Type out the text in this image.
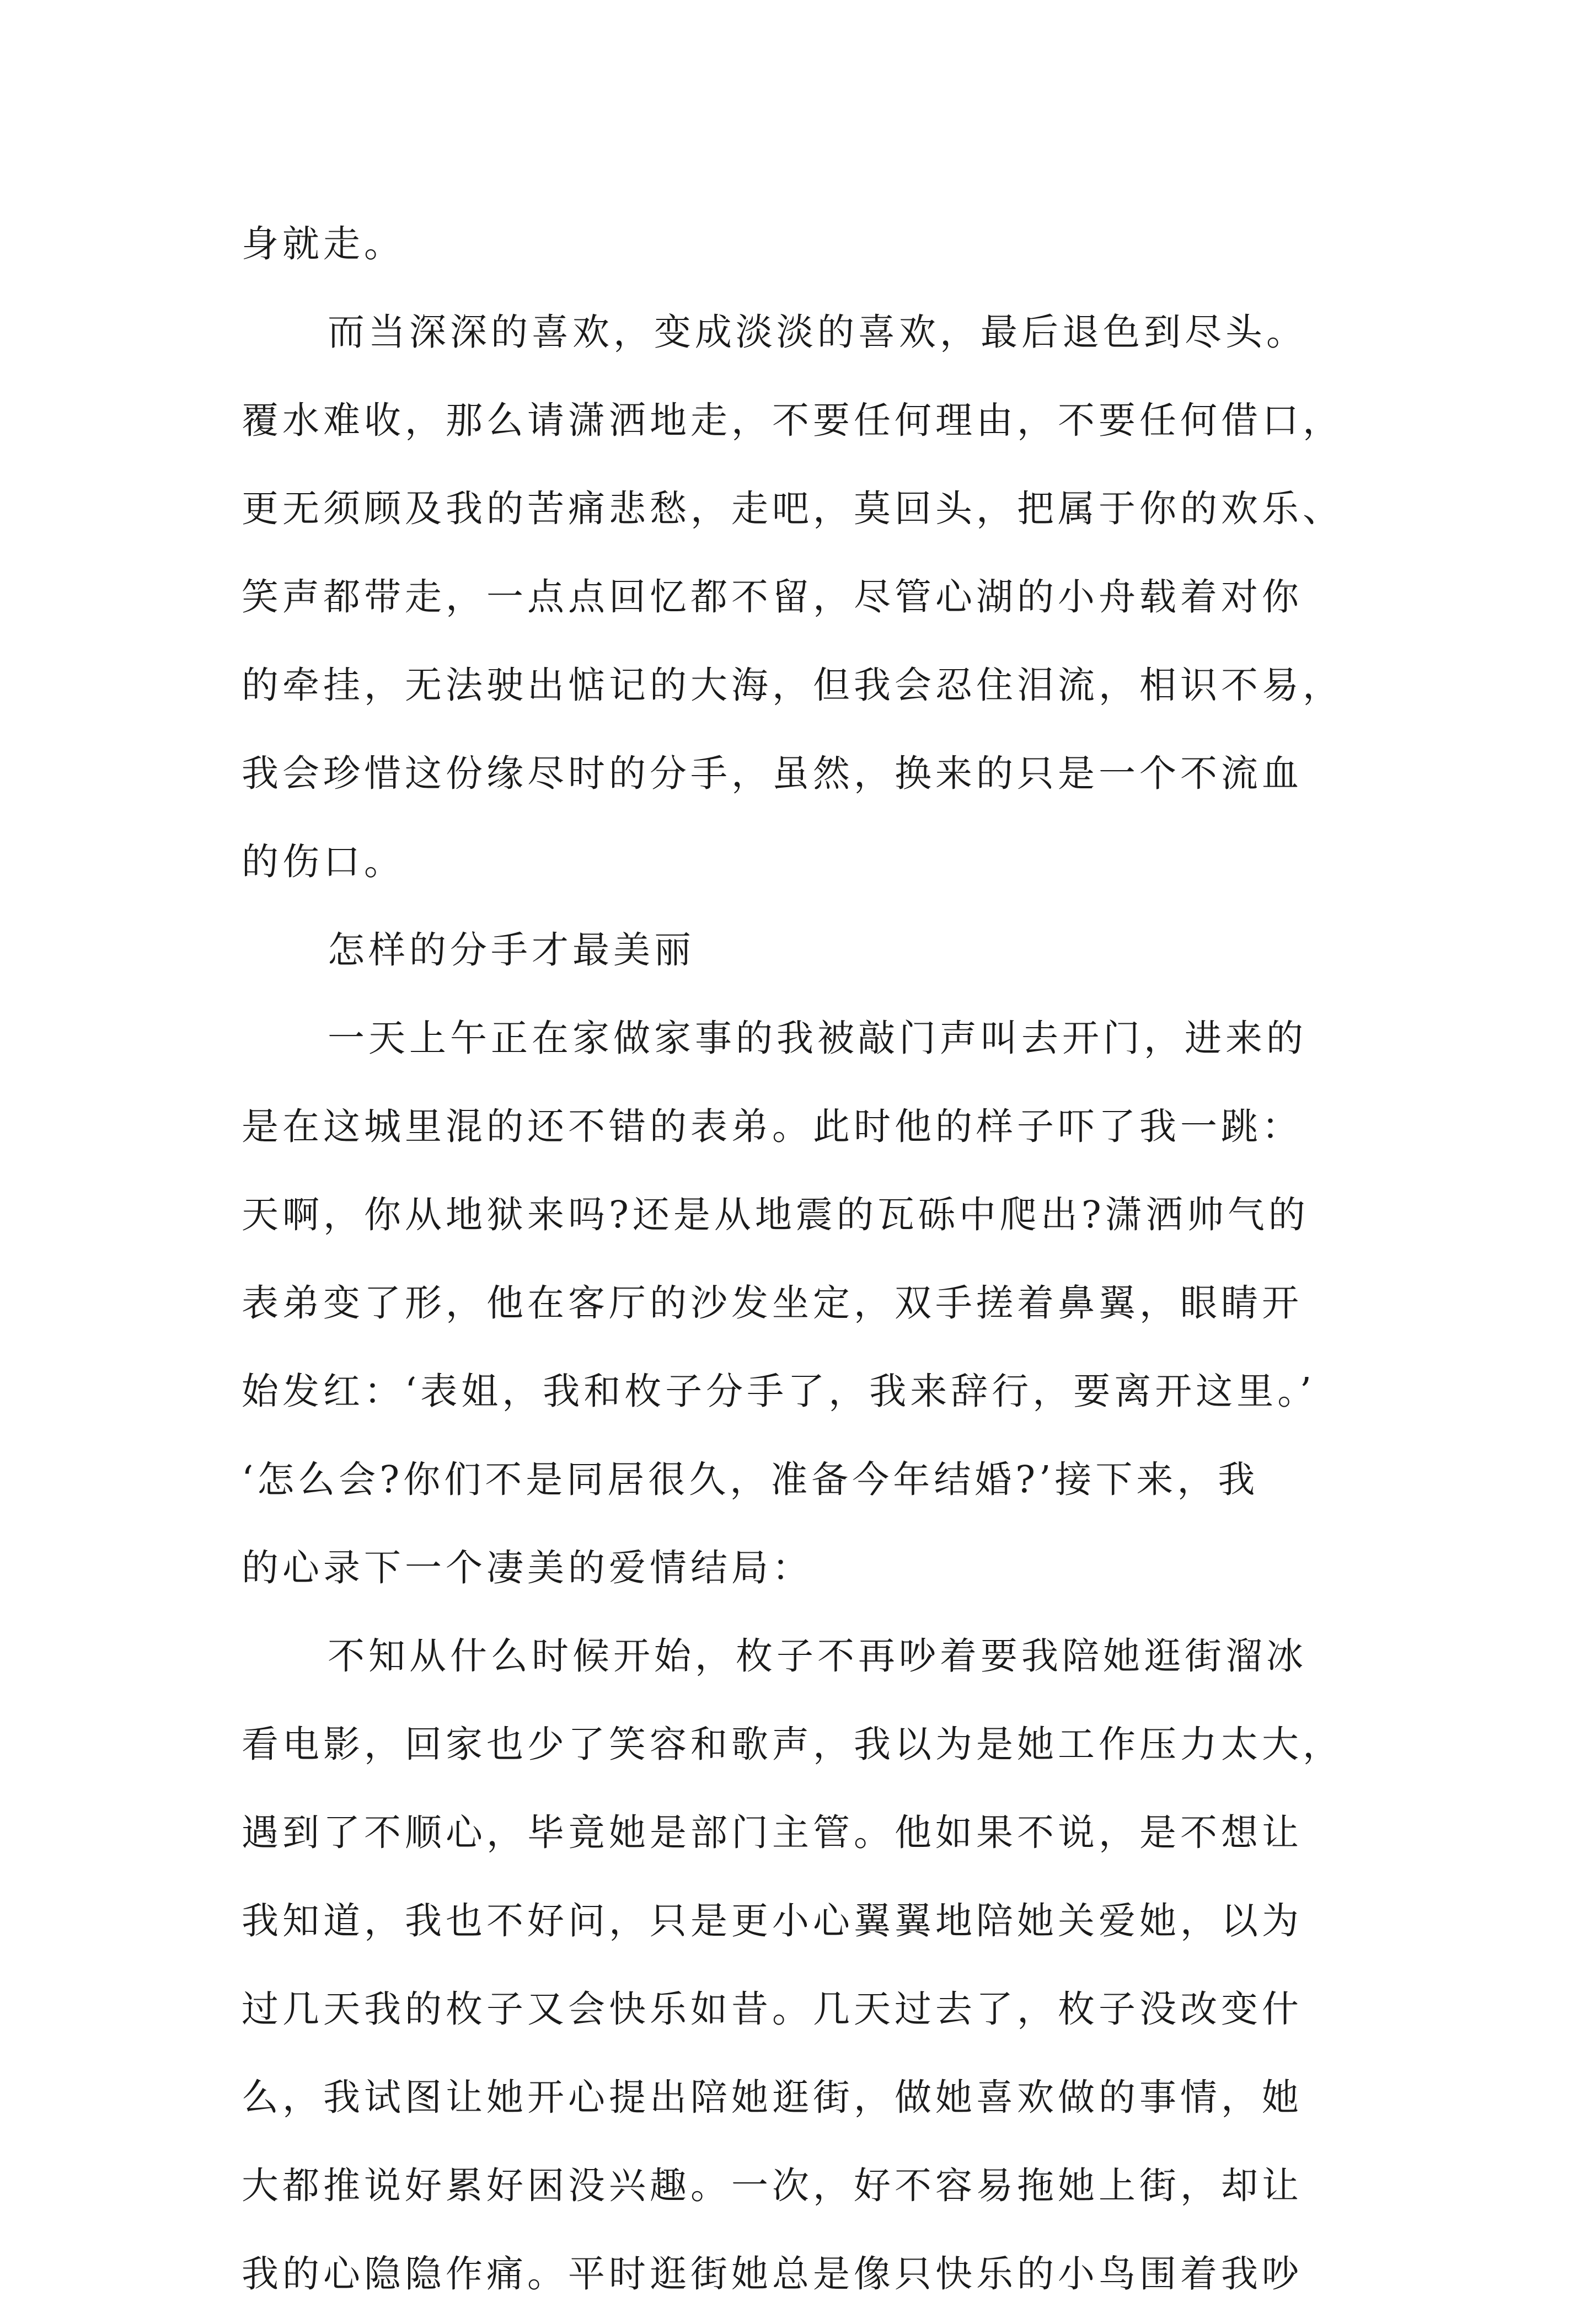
身就走。
而当深深的喜欢，变成淡淡的喜欢，最后退色到尽头。
覆水难收，那么请潇洒地走，不要任何理由，不要任何借口，
更无须顾及我的苦痛悲愁，走吧，莫回头，把属于你的欢乐、
笑声都带走，一点点回忆都不留，尽管心湖的小舟载着对你
的牵挂，无法驶出惦记的大海，但我会忍住泪流，相识不易，
我会珍惜这份缘尽时的分手，虽然，换来的只是一个不流血
的伤口。
怎样的分手才最美丽
一天上午正在家做家事的我被敲门声叫去开门，进来的
是在这城里混的还不错的表弟。此时他的样子吓了我一跳：
天啊，你从地狱来吗?还是从地震的瓦砾中爬出?潇洒帅气的
表弟变了形，他在客厅的沙发坐定，双手搓着鼻翼，眼睛开
始发红：‘表姐，我和枚子分手了，我来辞行，要离开这里。’
‘怎么会?你们不是同居很久，准备今年结婚?’接下来，我
的心录下一个凄美的爱情结局：
不知从什么时候开始，枚子不再吵着要我陪她逛街溜冰
看电影，回家也少了笑容和歌声，我以为是她工作压力太大，
遇到了不顺心，毕竟她是部门主管。他如果不说，是不想让
我知道，我也不好问，只是更小心翼翼地陪她关爱她，以为
过几天我的枚子又会快乐如昔。几天过去了，枚子没改变什
么，我试图让她开心提出陪她逛街，做她喜欢做的事情，她
大都推说好累好困没兴趣。一次，好不容易拖她上街，却让
我的心隐隐作痛。平时逛街她总是像只快乐的小鸟围着我吵
